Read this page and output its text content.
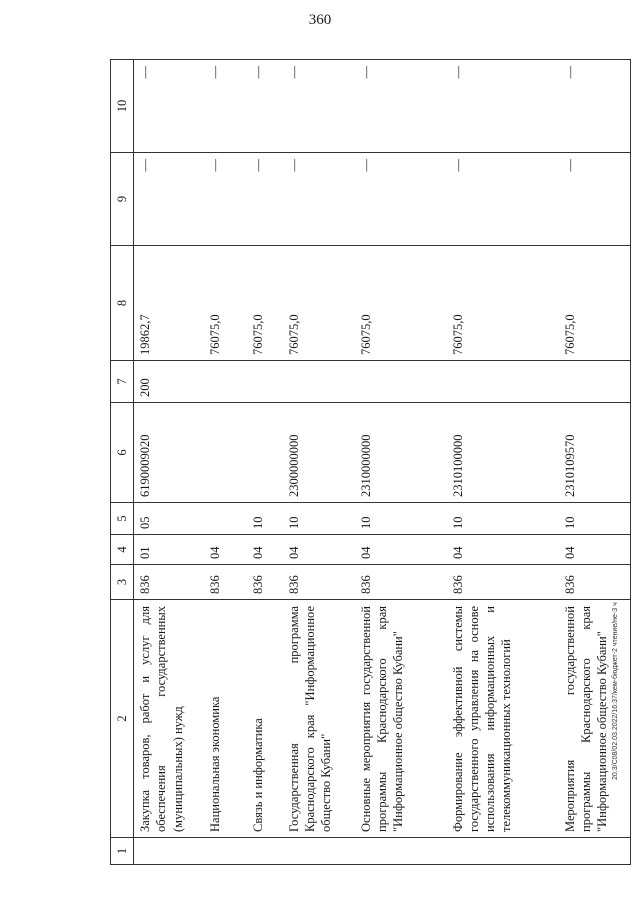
360
20.3/С08/02.03.2022/16:37/кем-бюджет-2 чтение/не-3 ч
1	2	3	4	5	6	7	8	9	10
	Закупка товаров, работ и услуг для обеспечения государственных (муниципальных) нужд	836	01	05	6190009020	200	19862,7	—	—
	Национальная экономика	836	04				76075,0	—	—
	Связь и информатика	836	04	10			76075,0	—	—
	Государственная программа Краснодарского края "Информационное общество Кубани"	836	04	10	2300000000		76075,0	—	—
	Основные мероприятия государственной программы Краснодарского края "Информационное общество Кубани"	836	04	10	2310000000		76075,0	—	—
	Формирование эффективной системы государственного управления на основе использования информационных и телекоммуникационных технологий	836	04	10	2310100000		76075,0	—	—
	Мероприятия государственной программы Краснодарского края "Информационное общество Кубани"	836	04	10	2310109570		76075,0	—	—
